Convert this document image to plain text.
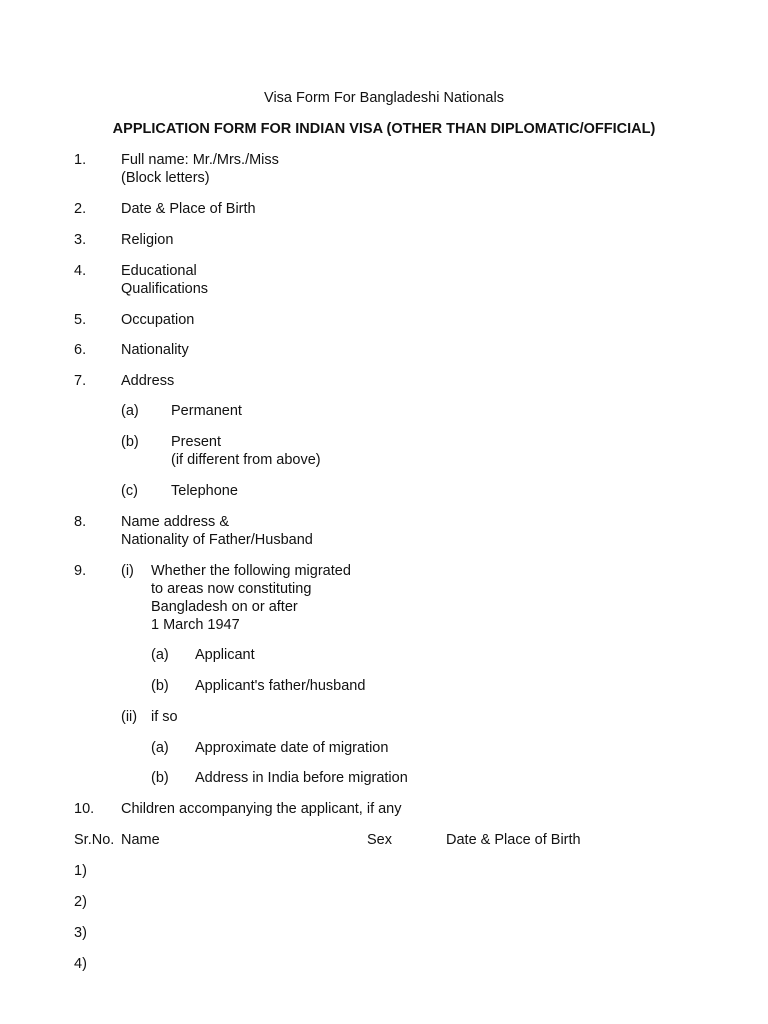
Visa Form For Bangladeshi Nationals
APPLICATION FORM FOR INDIAN VISA (OTHER THAN DIPLOMATIC/OFFICIAL)
1. Full name: Mr./Mrs./Miss
(Block letters)
2. Date & Place of Birth
3. Religion
4. Educational
Qualifications
5. Occupation
6. Nationality
7. Address
(a) Permanent
(b) Present
(if different from above)
(c) Telephone
8. Name address &
Nationality of Father/Husband
9. (i) Whether the following migrated
to areas now constituting
Bangladesh on or after
1 March 1947
(a) Applicant
(b) Applicant's father/husband
(ii) if so
(a) Approximate date of migration
(b) Address in India before migration
10. Children accompanying the applicant, if any
Sr.No. Name	Sex	Date & Place of Birth
1)
2)
3)
4)
